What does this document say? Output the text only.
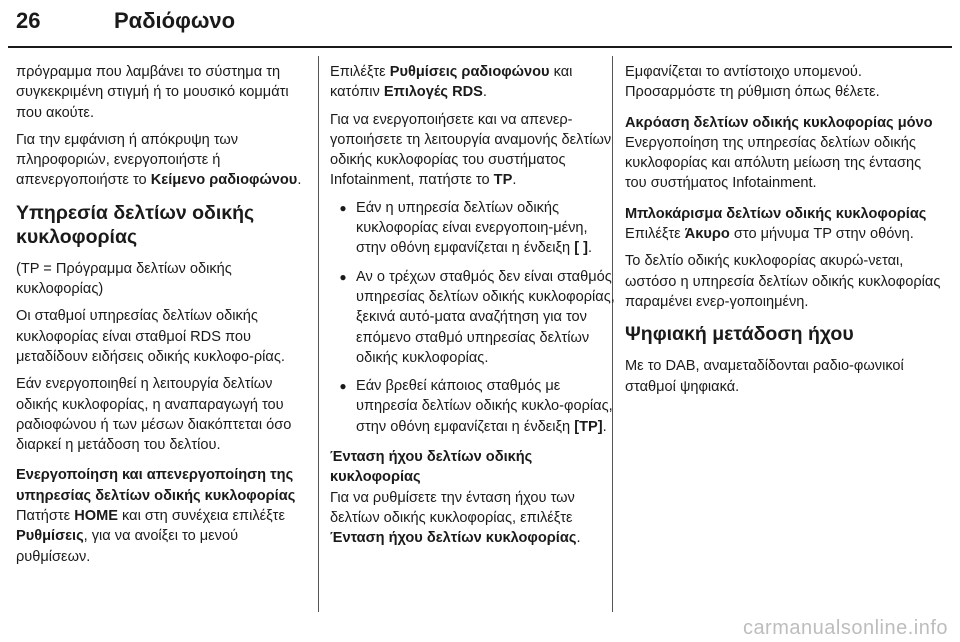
26	Ραδιόφωνο

πρόγραμμα που λαμβάνει το σύστημα τη συγκεκριμένη στιγμή ή το μουσικό κομμάτι που ακούτε.

Για την εμφάνιση ή απόκρυψη των πληροφοριών, ενεργοποιήστε ή απενεργοποιήστε το Κείμενο ραδιοφώνου.

Υπηρεσία δελτίων οδικής κυκλοφορίας

(TP = Πρόγραμμα δελτίων οδικής κυκλοφορίας)

Οι σταθμοί υπηρεσίας δελτίων οδικής κυκλοφορίας είναι σταθμοί RDS που μεταδίδουν ειδήσεις οδικής κυκλοφο‐ρίας.

Εάν ενεργοποιηθεί η λειτουργία δελτίων οδικής κυκλοφορίας, η αναπαραγωγή του ραδιοφώνου ή των μέσων διακόπτεται όσο διαρκεί η μετάδοση του δελτίου.

Ενεργοποίηση και απενεργοποίηση της υπηρεσίας δελτίων οδικής κυκλοφορίας

Πατήστε HOME και στη συνέχεια επιλέξτε Ρυθμίσεις, για να ανοίξει το μενού ρυθμίσεων.

Επιλέξτε Ρυθμίσεις ραδιοφώνου και κατόπιν Επιλογές RDS.

Για να ενεργοποιήσετε και να απενερ‐γοποιήσετε τη λειτουργία αναμονής δελτίων οδικής κυκλοφορίας του συστήματος Infotainment, πατήστε το TP.

● Εάν η υπηρεσία δελτίων οδικής κυκλοφορίας είναι ενεργοποιη‐μένη, στην οθόνη εμφανίζεται η ένδειξη [ ].
● Αν ο τρέχων σταθμός δεν είναι σταθμός υπηρεσίας δελτίων οδικής κυκλοφορίας, ξεκινά αυτό‐ματα αναζήτηση για τον επόμενο σταθμό υπηρεσίας δελτίων οδικής κυκλοφορίας.
● Εάν βρεθεί κάποιος σταθμός με υπηρεσία δελτίων οδικής κυκλο‐φορίας, στην οθόνη εμφανίζεται η ένδειξη [TP].

Ένταση ήχου δελτίων οδικής κυκλοφορίας

Για να ρυθμίσετε την ένταση ήχου των δελτίων οδικής κυκλοφορίας, επιλέξτε Ένταση ήχου δελτίων κυκλοφορίας.

Εμφανίζεται το αντίστοιχο υπομενού. Προσαρμόστε τη ρύθμιση όπως θέλετε.

Ακρόαση δελτίων οδικής κυκλοφορίας μόνο

Ενεργοποίηση της υπηρεσίας δελτίων οδικής κυκλοφορίας και απόλυτη μείωση της έντασης του συστήματος Infotainment.

Μπλοκάρισμα δελτίων οδικής κυκλοφορίας

Επιλέξτε Άκυρο στο μήνυμα TP στην οθόνη.

Το δελτίο οδικής κυκλοφορίας ακυρώ‐νεται, ωστόσο η υπηρεσία δελτίων οδικής κυκλοφορίας παραμένει ενερ‐γοποιημένη.

Ψηφιακή μετάδοση ήχου

Με το DAB, αναμεταδίδονται ραδιο‐φωνικοί σταθμοί ψηφιακά.

carmanualsonline.info
